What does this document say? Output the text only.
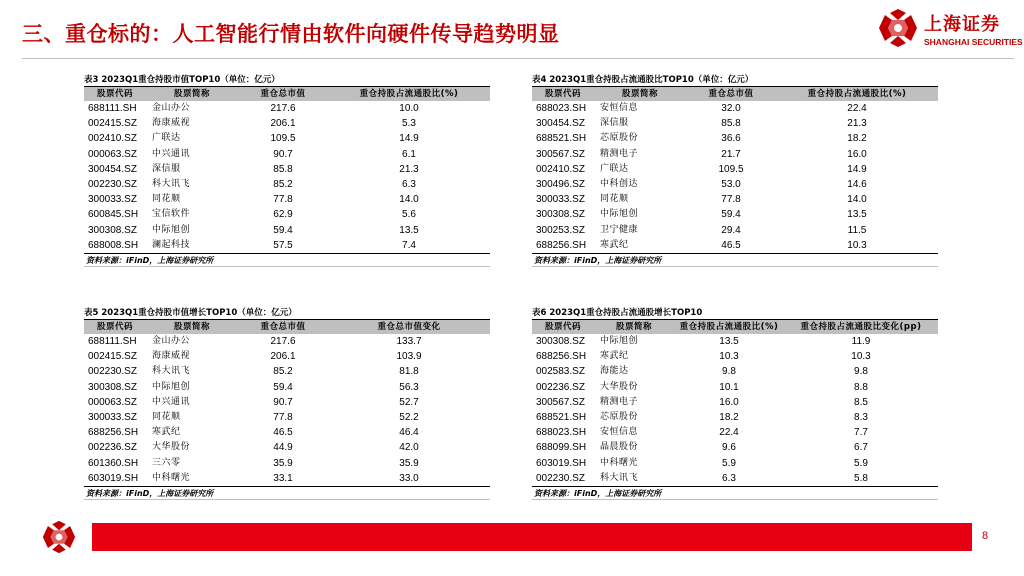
三、重仓标的：人工智能行情由软件向硬件传导趋势明显	上海证券
SHANGHAI SECURITIES
表3 2023Q1重仓持股市值TOP10（单位：亿元）
股票代码	股票简称	重仓总市值	重仓持股占流通股比(%)
688111.SH	金山办公	217.6	10.0
002415.SZ	海康威视	206.1	5.3
002410.SZ	广联达	109.5	14.9
000063.SZ	中兴通讯	90.7	6.1
300454.SZ	深信服	85.8	21.3
002230.SZ	科大讯飞	85.2	6.3
300033.SZ	同花顺	77.8	14.0
600845.SH	宝信软件	62.9	5.6
300308.SZ	中际旭创	59.4	13.5
688008.SH	澜起科技	57.5	7.4
资料来源：iFinD，上海证券研究所
表4 2023Q1重仓持股占流通股比TOP10（单位：亿元）
股票代码	股票简称	重仓总市值	重仓持股占流通股比(%)
688023.SH	安恒信息	32.0	22.4
300454.SZ	深信服	85.8	21.3
688521.SH	芯原股份	36.6	18.2
300567.SZ	精测电子	21.7	16.0
002410.SZ	广联达	109.5	14.9
300496.SZ	中科创达	53.0	14.6
300033.SZ	同花顺	77.8	14.0
300308.SZ	中际旭创	59.4	13.5
300253.SZ	卫宁健康	29.4	11.5
688256.SH	寒武纪	46.5	10.3
资料来源：iFinD，上海证券研究所
表5 2023Q1重仓持股市值增长TOP10（单位：亿元）
股票代码	股票简称	重仓总市值	重仓总市值变化
688111.SH	金山办公	217.6	133.7
002415.SZ	海康威视	206.1	103.9
002230.SZ	科大讯飞	85.2	81.8
300308.SZ	中际旭创	59.4	56.3
000063.SZ	中兴通讯	90.7	52.7
300033.SZ	同花顺	77.8	52.2
688256.SH	寒武纪	46.5	46.4
002236.SZ	大华股份	44.9	42.0
601360.SH	三六零	35.9	35.9
603019.SH	中科曙光	33.1	33.0
资料来源：iFinD，上海证券研究所
表6 2023Q1重仓持股占流通股增长TOP10
股票代码	股票简称	重仓持股占流通股比(%)	重仓持股占流通股比变化(pp)
300308.SZ	中际旭创	13.5	11.9
688256.SH	寒武纪	10.3	10.3
002583.SZ	海能达	9.8	9.8
002236.SZ	大华股份	10.1	8.8
300567.SZ	精测电子	16.0	8.5
688521.SH	芯原股份	18.2	8.3
688023.SH	安恒信息	22.4	7.7
688099.SH	晶晨股份	9.6	6.7
603019.SH	中科曙光	5.9	5.9
002230.SZ	科大讯飞	6.3	5.8
资料来源：iFinD，上海证券研究所
8
